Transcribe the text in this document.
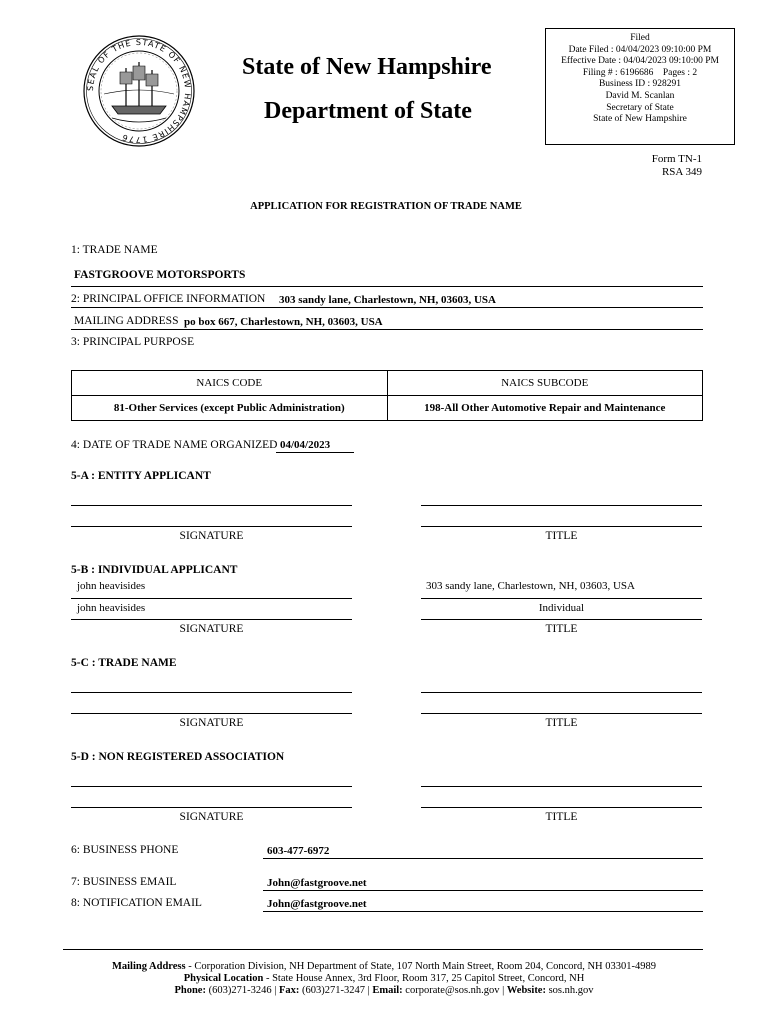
SEAL OF THE STATE OF NEW HAMPSHIRE 1776
State of New Hampshire
Department of State
Filed
Date Filed : 04/04/2023 09:10:00 PM
Effective Date : 04/04/2023 09:10:00 PM
Filing # : 6196686    Pages : 2
Business ID : 928291
David M. Scanlan
Secretary of State
State of New Hampshire
Form TN-1
RSA 349
APPLICATION FOR REGISTRATION OF TRADE NAME
1: TRADE NAME
FASTGROOVE MOTORSPORTS
2: PRINCIPAL OFFICE INFORMATION 303 sandy lane, Charlestown, NH, 03603, USA
MAILING ADDRESS po box 667, Charlestown, NH, 03603, USA
3: PRINCIPAL PURPOSE
NAICS CODE	NAICS SUBCODE
81-Other Services (except Public Administration)	198-All Other Automotive Repair and Maintenance
4: DATE OF TRADE NAME ORGANIZED 04/04/2023
5-A : ENTITY APPLICANT
SIGNATURE	TITLE
5-B : INDIVIDUAL APPLICANT
john heavisides	303 sandy lane, Charlestown, NH, 03603, USA
john heavisides	Individual
SIGNATURE	TITLE
5-C : TRADE NAME
SIGNATURE	TITLE
5-D : NON REGISTERED ASSOCIATION
SIGNATURE	TITLE
6: BUSINESS PHONE	603-477-6972
7: BUSINESS EMAIL	John@fastgroove.net
8: NOTIFICATION EMAIL	John@fastgroove.net
Mailing Address - Corporation Division, NH Department of State, 107 North Main Street, Room 204, Concord, NH 03301-4989
Physical Location - State House Annex, 3rd Floor, Room 317, 25 Capitol Street, Concord, NH
Phone: (603)271-3246 | Fax: (603)271-3247 | Email: corporate@sos.nh.gov | Website: sos.nh.gov
